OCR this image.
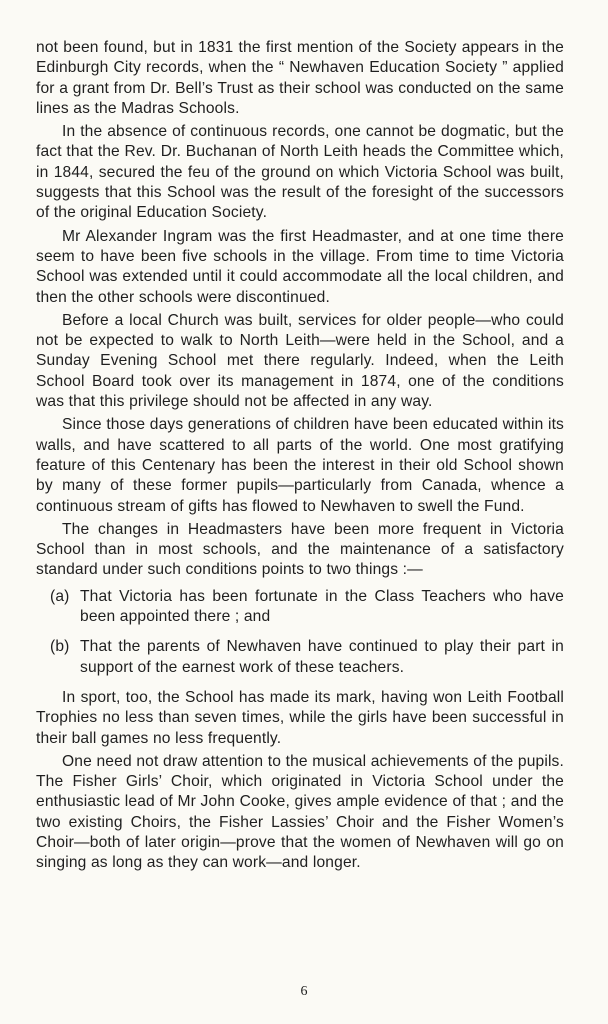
not been found, but in 1831 the first mention of the Society appears in the Edinburgh City records, when the “ Newhaven Education Society ” applied for a grant from Dr. Bell’s Trust as their school was conducted on the same lines as the Madras Schools.

In the absence of continuous records, one cannot be dogmatic, but the fact that the Rev. Dr. Buchanan of North Leith heads the Committee which, in 1844, secured the feu of the ground on which Victoria School was built, suggests that this School was the result of the foresight of the successors of the original Education Society.

Mr Alexander Ingram was the first Headmaster, and at one time there seem to have been five schools in the village. From time to time Victoria School was extended until it could accommodate all the local children, and then the other schools were discontinued.

Before a local Church was built, services for older people—who could not be expected to walk to North Leith—were held in the School, and a Sunday Evening School met there regularly. Indeed, when the Leith School Board took over its management in 1874, one of the conditions was that this privilege should not be affected in any way.

Since those days generations of children have been educated within its walls, and have scattered to all parts of the world. One most gratifying feature of this Centenary has been the interest in their old School shown by many of these former pupils—particularly from Canada, whence a continuous stream of gifts has flowed to Newhaven to swell the Fund.

The changes in Headmasters have been more frequent in Victoria School than in most schools, and the maintenance of a satisfactory standard under such conditions points to two things :—

(a) That Victoria has been fortunate in the Class Teachers who have been appointed there ; and
(b) That the parents of Newhaven have continued to play their part in support of the earnest work of these teachers.

In sport, too, the School has made its mark, having won Leith Football Trophies no less than seven times, while the girls have been successful in their ball games no less frequently.

One need not draw attention to the musical achievements of the pupils. The Fisher Girls’ Choir, which originated in Victoria School under the enthusiastic lead of Mr John Cooke, gives ample evidence of that ; and the two existing Choirs, the Fisher Lassies’ Choir and the Fisher Women’s Choir—both of later origin—prove that the women of Newhaven will go on singing as long as they can work—and longer.

6
